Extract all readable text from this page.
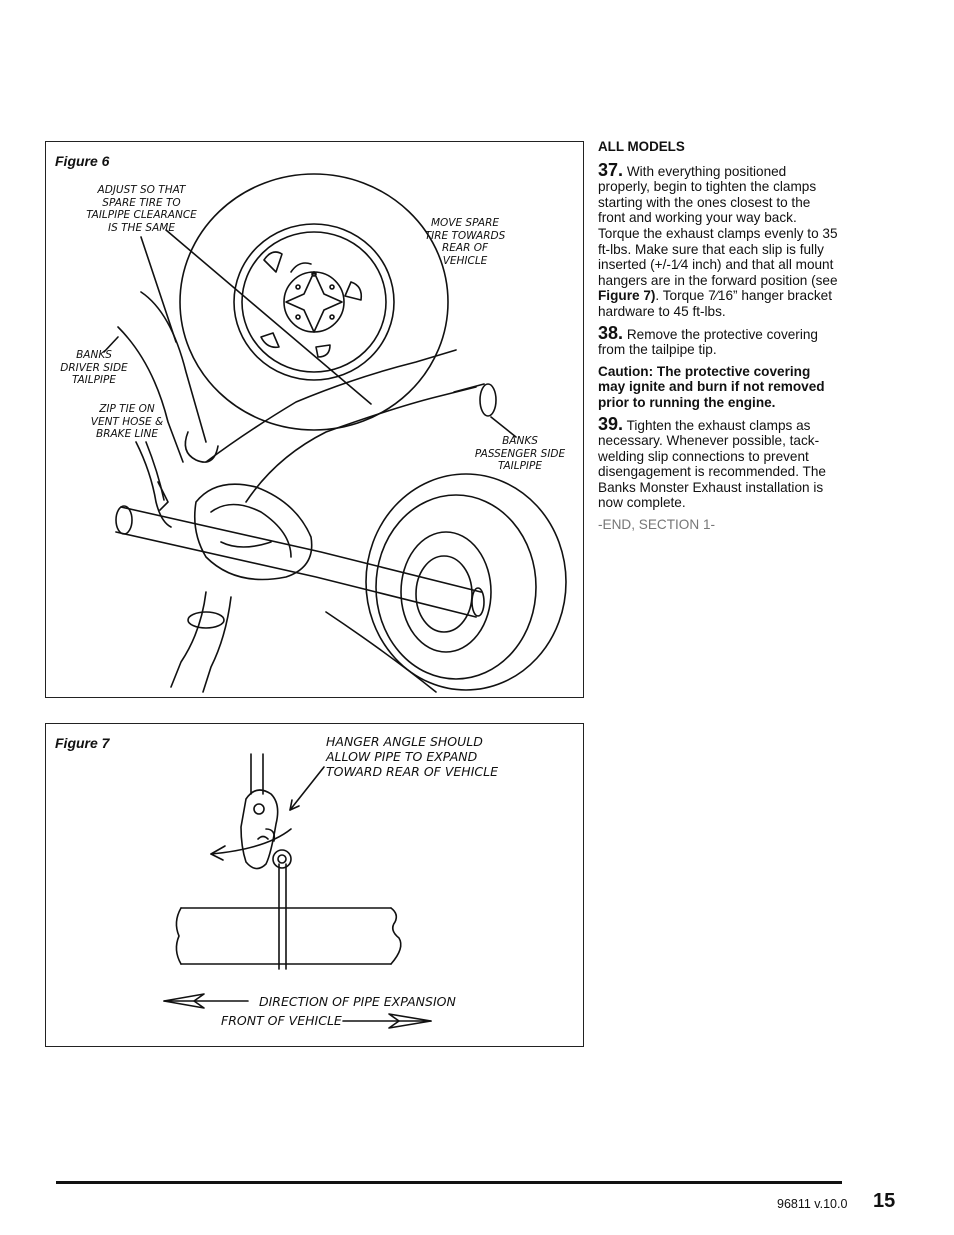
Figure 6
ADJUST SO THAT SPARE TIRE TO TAILPIPE CLEARANCE IS THE SAME	MOVE SPARE TIRE TOWARDS REAR OF VEHICLE
BANKS DRIVER SIDE TAILPIPE
ZIP TIE ON VENT HOSE & BRAKE LINE
BANKS PASSENGER SIDE TAILPIPE
Figure 7	HANGER ANGLE SHOULD
ALLOW PIPE TO EXPAND
TOWARD REAR OF VEHICLE
DIRECTION OF PIPE EXPANSION
FRONT OF VEHICLE

ALL MODELS

37. With everything positioned properly, begin to tighten the clamps starting with the ones closest to the front and working your way back. Torque the exhaust clamps evenly to 35 ft-lbs. Make sure that each slip is fully inserted (+/-1⁄4 inch) and that all mount hangers are in the forward position (see Figure 7). Torque 7⁄16” hanger bracket hardware to 45 ft-lbs.

38. Remove the protective covering from the tailpipe tip.

Caution: The protective covering may ignite and burn if not removed prior to running the engine.

39. Tighten the exhaust clamps as necessary. Whenever possible, tack-welding slip connections to prevent disengagement is recommended. The Banks Monster Exhaust installation is now complete.

-END, SECTION 1-

96811 v.10.0 15
